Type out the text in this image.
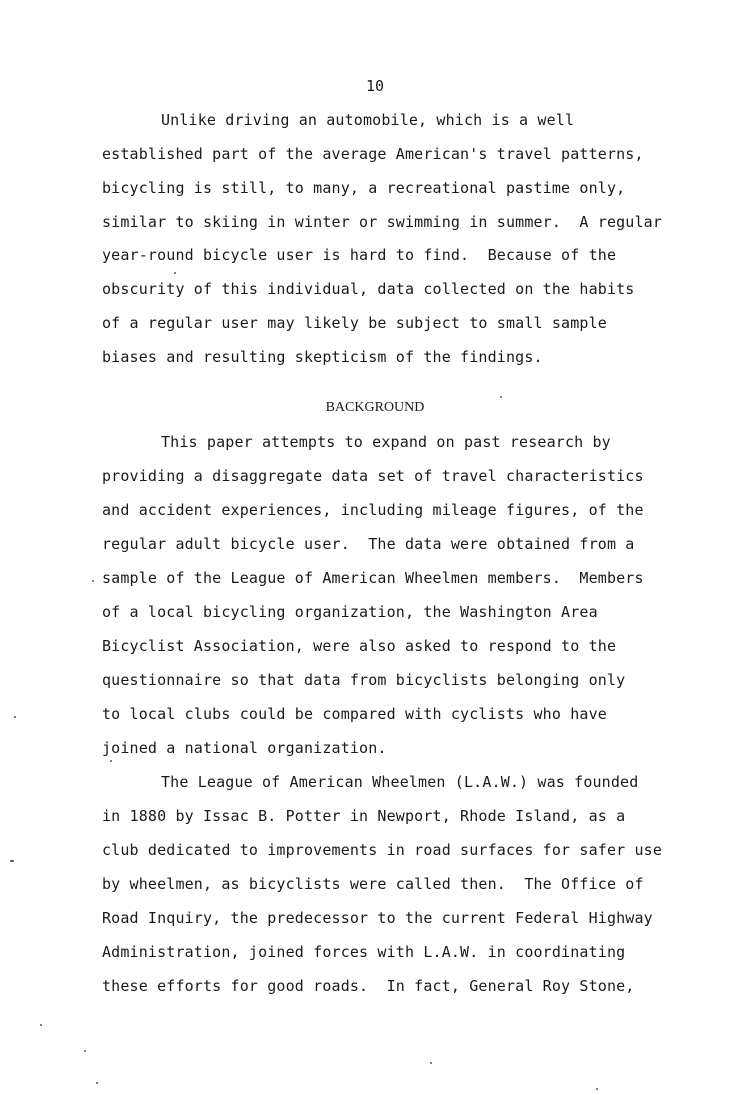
10
Unlike driving an automobile, which is a well
established part of the average American's travel patterns,
bicycling is still, to many, a recreational pastime only,
similar to skiing in winter or swimming in summer.  A regular
year-round bicycle user is hard to find.  Because of the
obscurity of this individual, data collected on the habits
of a regular user may likely be subject to small sample
biases and resulting skepticism of the findings.
BACKGROUND
This paper attempts to expand on past research by
providing a disaggregate data set of travel characteristics
and accident experiences, including mileage figures, of the
regular adult bicycle user.  The data were obtained from a
sample of the League of American Wheelmen members.  Members
of a local bicycling organization, the Washington Area
Bicyclist Association, were also asked to respond to the
questionnaire so that data from bicyclists belonging only
to local clubs could be compared with cyclists who have
joined a national organization.
The League of American Wheelmen (L.A.W.) was founded
in 1880 by Issac B. Potter in Newport, Rhode Island, as a
club dedicated to improvements in road surfaces for safer use
by wheelmen, as bicyclists were called then.  The Office of
Road Inquiry, the predecessor to the current Federal Highway
Administration, joined forces with L.A.W. in coordinating
these efforts for good roads.  In fact, General Roy Stone,
